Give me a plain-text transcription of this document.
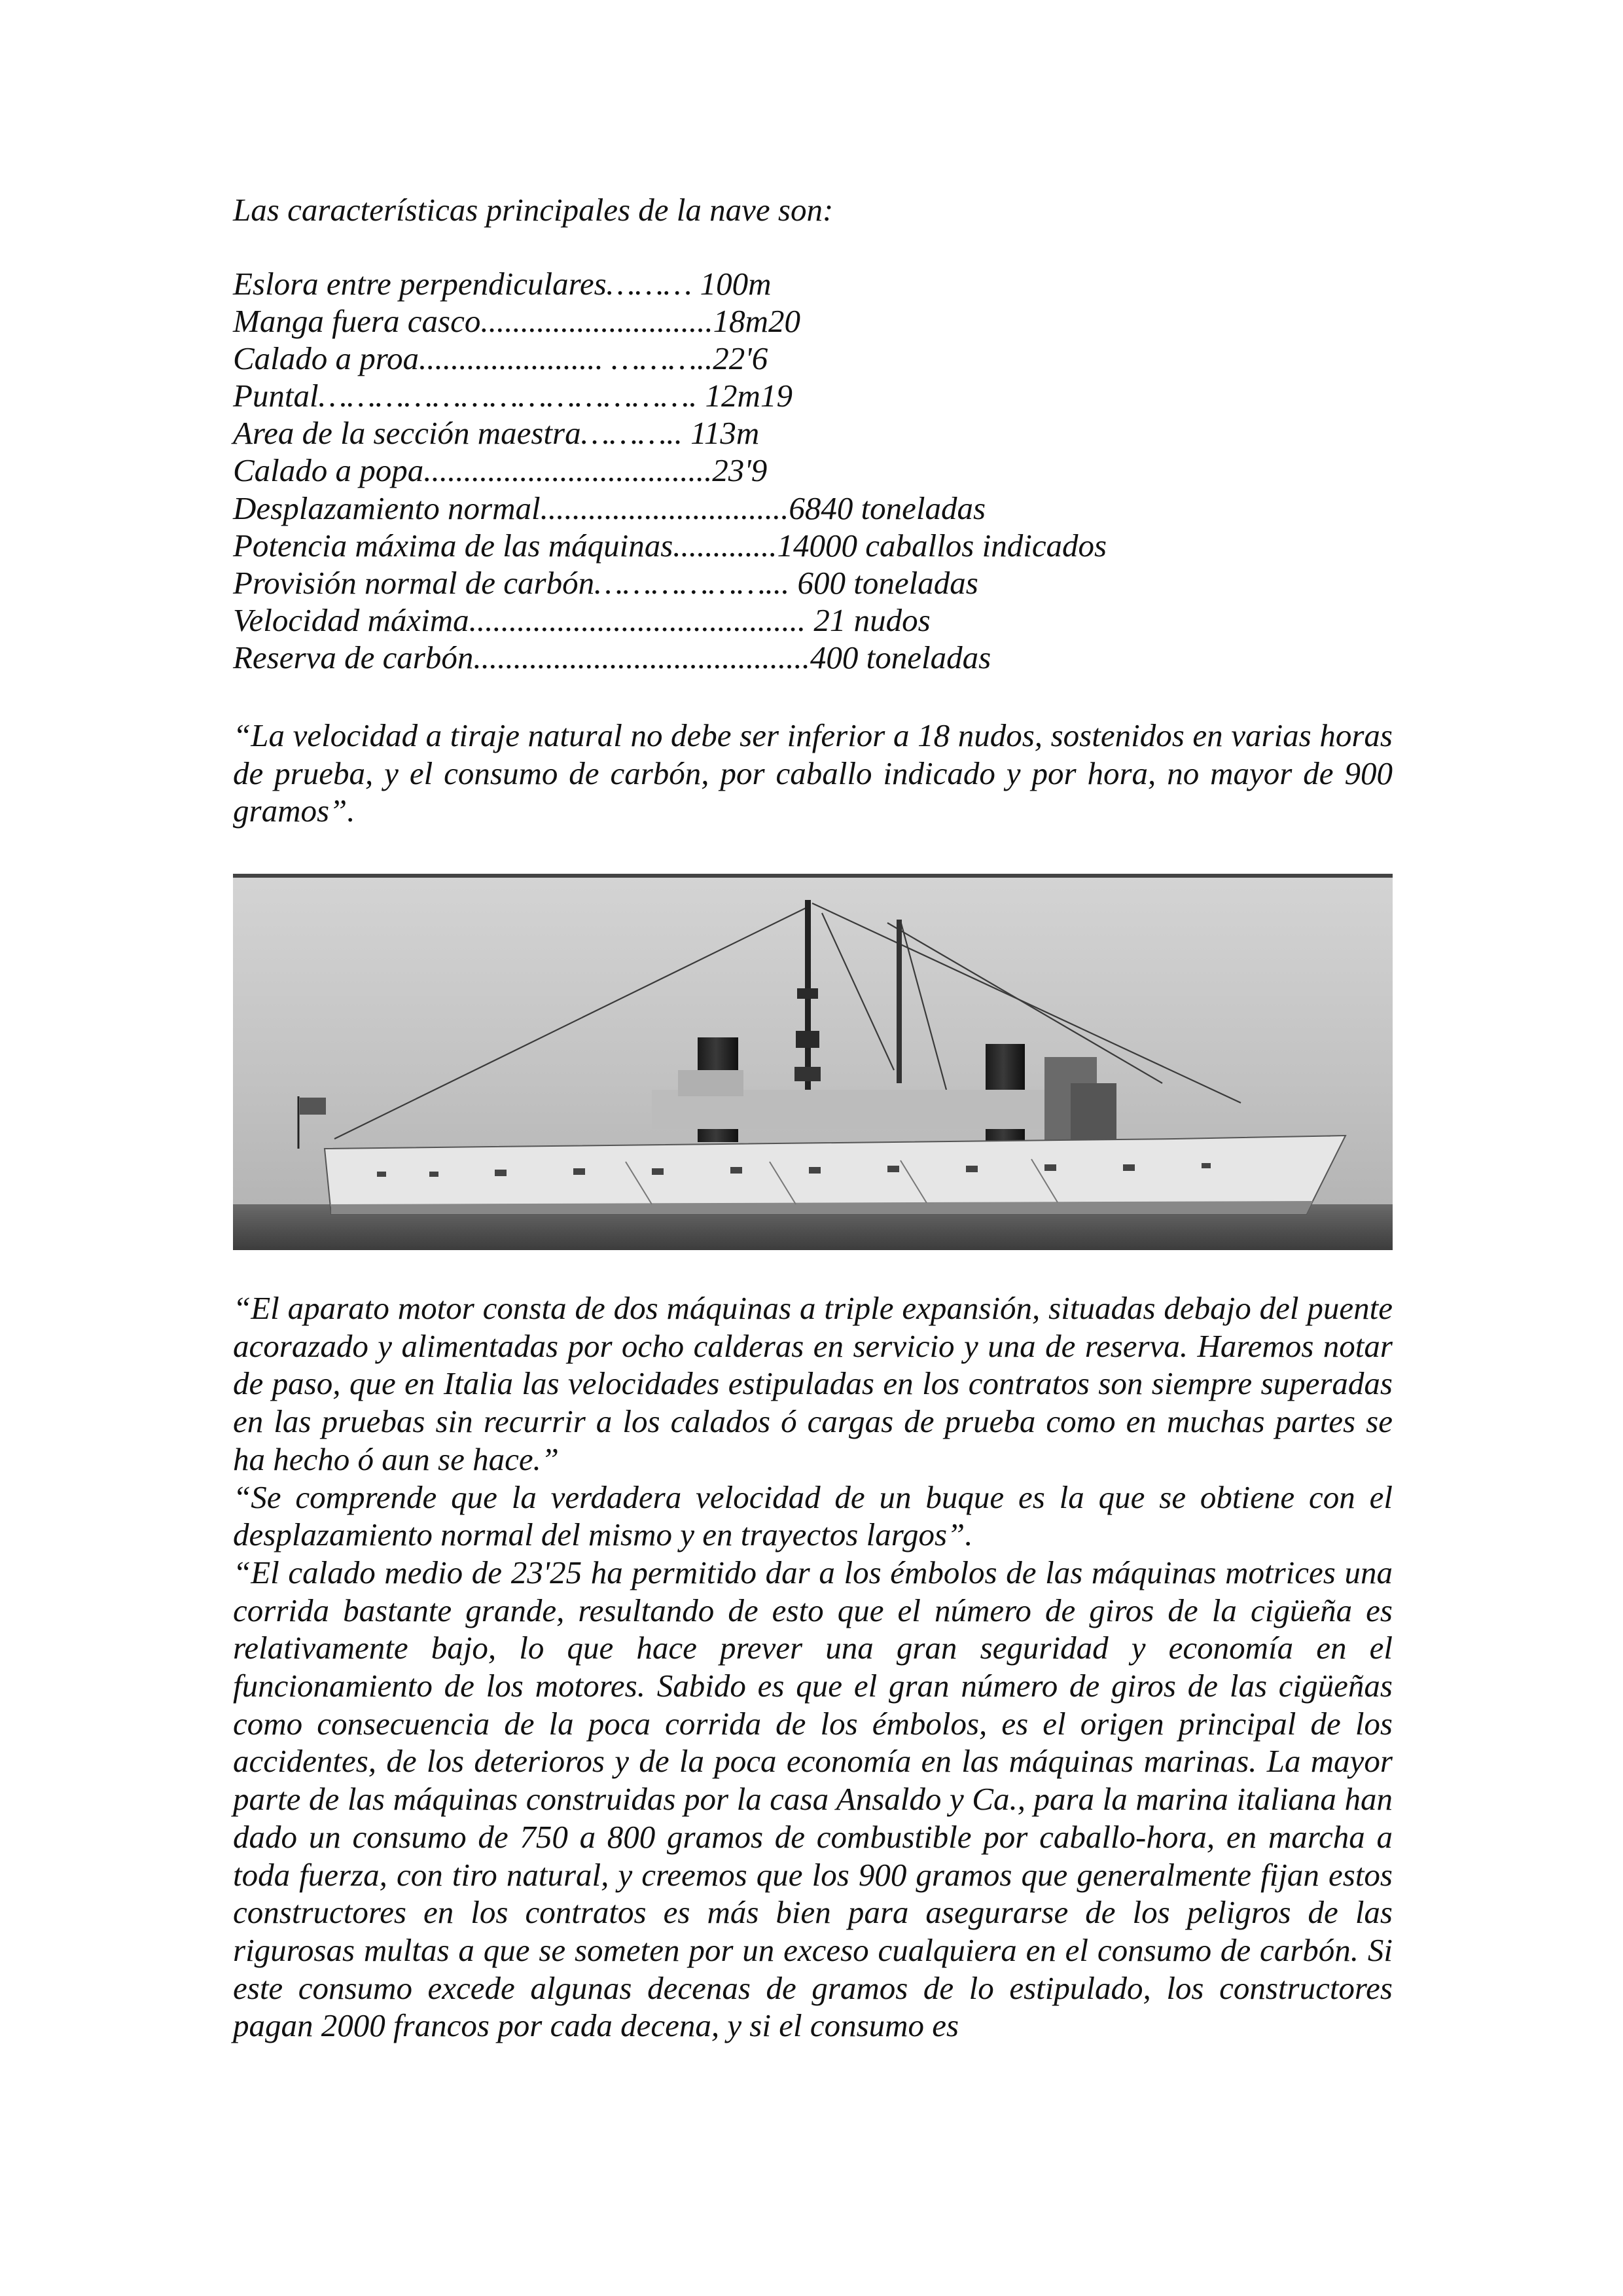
Las características principales de la nave son:
Eslora entre perpendiculares……… 100m
Manga fuera casco.............................18m20
Calado a proa....................... ………..22'6
Puntal…………………………………. 12m19
Area de la sección maestra……….. 113m
Calado a popa....................................23'9
Desplazamiento normal...............................6840 toneladas
Potencia máxima de las máquinas.............14000 caballos indicados
Provisión normal de carbón………………... 600 toneladas
Velocidad máxima.......................................... 21 nudos
Reserva de carbón..........................................400 toneladas

“La velocidad a tiraje natural no debe ser inferior a 18 nudos, sostenidos en varias horas de prueba, y el consumo de carbón, por caballo indicado y por hora, no mayor de 900 gramos”.

“El aparato motor consta de dos máquinas a triple expansión, situadas debajo del puente acorazado y alimentadas por ocho calderas en servicio y una de reserva. Haremos notar de paso, que en Italia las velocidades estipuladas en los contratos son siempre superadas en las pruebas sin recurrir a los calados ó cargas de prueba como en muchas partes se ha hecho ó aun se hace.”

“Se comprende que la verdadera velocidad de un buque es la que se obtiene con el desplazamiento normal del mismo y en trayectos largos”.

“El calado medio de 23'25 ha permitido dar a los émbolos de las máquinas motrices una corrida bastante grande, resultando de esto que el número de giros de la cigüeña es relativamente bajo, lo que hace prever una gran seguridad y economía en el funcionamiento de los motores. Sabido es que el gran número de giros de las cigüeñas como consecuencia de la poca corrida de los émbolos, es el origen principal de los accidentes, de los deterioros y de la poca economía en las máquinas marinas. La mayor parte de las máquinas construidas por la casa Ansaldo y Ca., para la marina italiana han dado un consumo de 750 a 800 gramos de combustible por caballo-hora, en marcha a toda fuerza, con tiro natural, y creemos que los 900 gramos que generalmente fijan estos constructores en los contratos es más bien para asegurarse de los peligros de las rigurosas multas a que se someten por un exceso cualquiera en el consumo de carbón. Si este consumo excede algunas decenas de gramos de lo estipulado, los constructores pagan 2000 francos por cada decena, y si el consumo es
